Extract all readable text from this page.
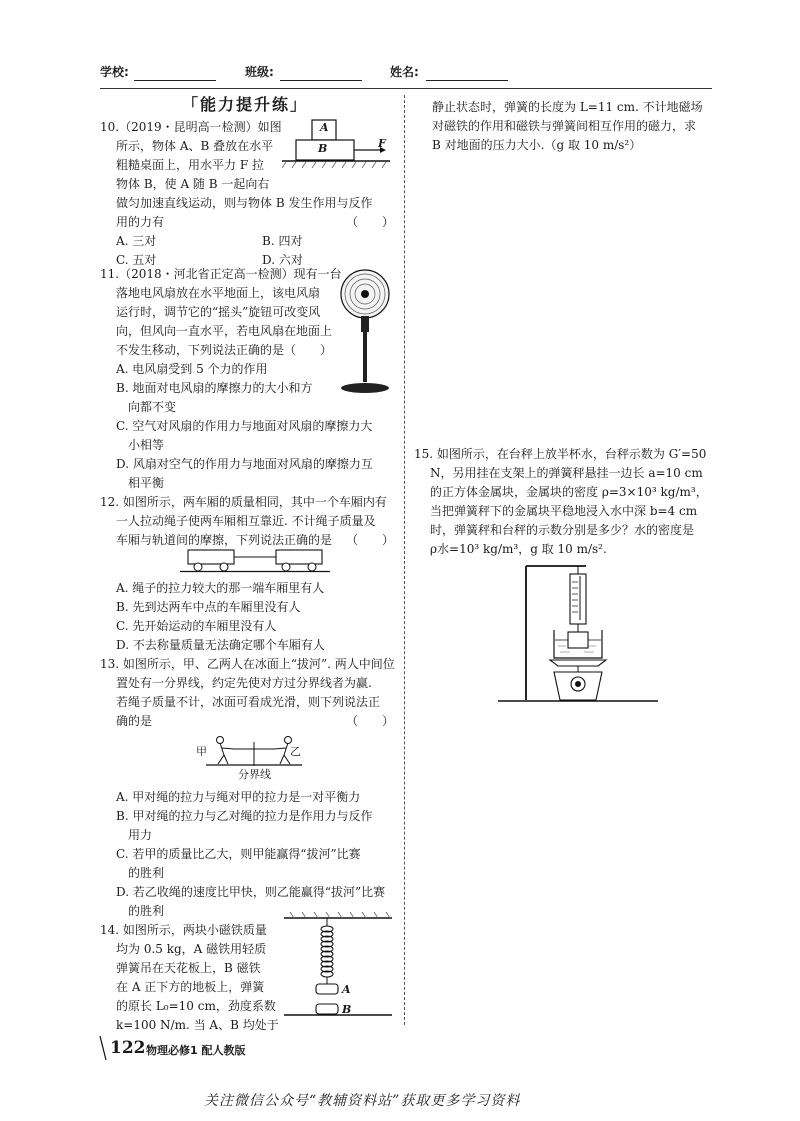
学校:	班级:	姓名:
「能力提升练」
10.（2019・昆明高一检测）如图
所示，物体 A、B 叠放在水平
粗糙桌面上，用水平力 F 拉
物体 B，使 A 随 B 一起向右
做匀加速直线运动，则与物体 B 发生作用与反作
用的力有	（　　）
A. 三对	B. 四对
C. 五对	D. 六对
A
B	F
11.（2018・河北省正定高一检测）现有一台
落地电风扇放在水平地面上，该电风扇
运行时，调节它的“摇头”旋钮可改变风
向，但风向一直水平，若电风扇在地面上
不发生移动，下列说法正确的是（　　）
A. 电风扇受到 5 个力的作用
B. 地面对电风扇的摩擦力的大小和方
　向都不变
C. 空气对风扇的作用力与地面对风扇的摩擦力大
　小相等
D. 风扇对空气的作用力与地面对风扇的摩擦力互
　相平衡
12. 如图所示，两车厢的质量相同，其中一个车厢内有
一人拉动绳子使两车厢相互靠近. 不计绳子质量及
车厢与轨道间的摩擦，下列说法正确的是 （　　）
A. 绳子的拉力较大的那一端车厢里有人
B. 先到达两车中点的车厢里没有人
C. 先开始运动的车厢里没有人
D. 不去称量质量无法确定哪个车厢有人
13. 如图所示，甲、乙两人在冰面上“拔河”. 两人中间位
置处有一分界线，约定先使对方过分界线者为赢.
若绳子质量不计，冰面可看成光滑，则下列说法正
确的是	（　　）
甲	乙
分界线
A. 甲对绳的拉力与绳对甲的拉力是一对平衡力
B. 甲对绳的拉力与乙对绳的拉力是作用力与反作
　用力
C. 若甲的质量比乙大，则甲能赢得“拔河”比赛
　的胜利
D. 若乙收绳的速度比甲快，则乙能赢得“拔河”比赛
　的胜利
14. 如图所示，两块小磁铁质量
均为 0.5 kg，A 磁铁用轻质
弹簧吊在天花板上，B 磁铁
在 A 正下方的地板上，弹簧
的原长 L₀=10 cm，劲度系数
k=100 N/m. 当 A、B 均处于
A
B
静止状态时，弹簧的长度为 L=11 cm. 不计地磁场
对磁铁的作用和磁铁与弹簧间相互作用的磁力，求
B 对地面的压力大小.（g 取 10 m/s²）
15. 如图所示，在台秤上放半杯水，台秤示数为 G′=50
N，另用挂在支架上的弹簧秤悬挂一边长 a=10 cm
的正方体金属块，金属块的密度 ρ=3×10³ kg/m³，
当把弹簧秤下的金属块平稳地浸入水中深 b=4 cm
时，弹簧秤和台秤的示数分别是多少？水的密度是
ρ水=10³ kg/m³，g 取 10 m/s².
122 物理必修1 配人教版
关注微信公众号“教辅资料站”获取更多学习资料
